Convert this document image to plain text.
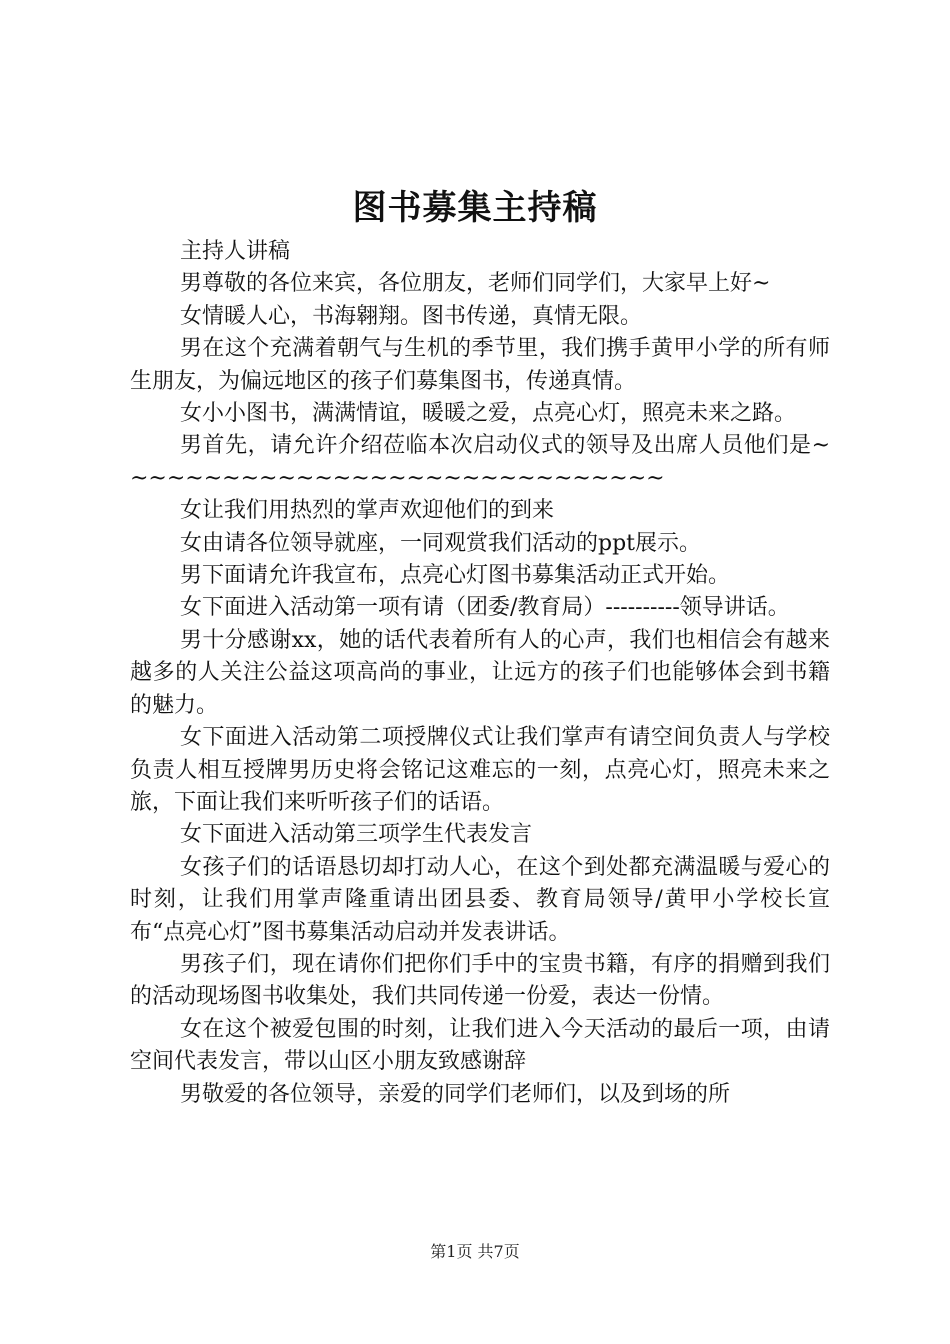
图书募集主持稿

主持人讲稿

男尊敬的各位来宾，各位朋友，老师们同学们，大家早上好~

女情暖人心，书海翱翔。图书传递，真情无限。

男在这个充满着朝气与生机的季节里，我们携手黄甲小学的所有师生朋友，为偏远地区的孩子们募集图书，传递真情。

女小小图书，满满情谊，暖暖之爱，点亮心灯，照亮未来之路。

男首先，请允许介绍莅临本次启动仪式的领导及出席人员他们是~~~~~~~~~~~~~~~~~~~~~~~~~~~~~~

女让我们用热烈的掌声欢迎他们的到来

女由请各位领导就座，一同观赏我们活动的ppt展示。

男下面请允许我宣布，点亮心灯图书募集活动正式开始。

女下面进入活动第一项有请（团委/教育局）----------领导讲话。

男十分感谢xx，她的话代表着所有人的心声，我们也相信会有越来越多的人关注公益这项高尚的事业，让远方的孩子们也能够体会到书籍的魅力。

女下面进入活动第二项授牌仪式让我们掌声有请空间负责人与学校负责人相互授牌男历史将会铭记这难忘的一刻，点亮心灯，照亮未来之旅，下面让我们来听听孩子们的话语。

女下面进入活动第三项学生代表发言

女孩子们的话语恳切却打动人心，在这个到处都充满温暖与爱心的时刻，让我们用掌声隆重请出团县委、教育局领导/黄甲小学校长宣布“点亮心灯”图书募集活动启动并发表讲话。

男孩子们，现在请你们把你们手中的宝贵书籍，有序的捐赠到我们的活动现场图书收集处，我们共同传递一份爱，表达一份情。

女在这个被爱包围的时刻，让我们进入今天活动的最后一项，由请空间代表发言，带以山区小朋友致感谢辞

男敬爱的各位领导，亲爱的同学们老师们，以及到场的所

第1页 共7页
